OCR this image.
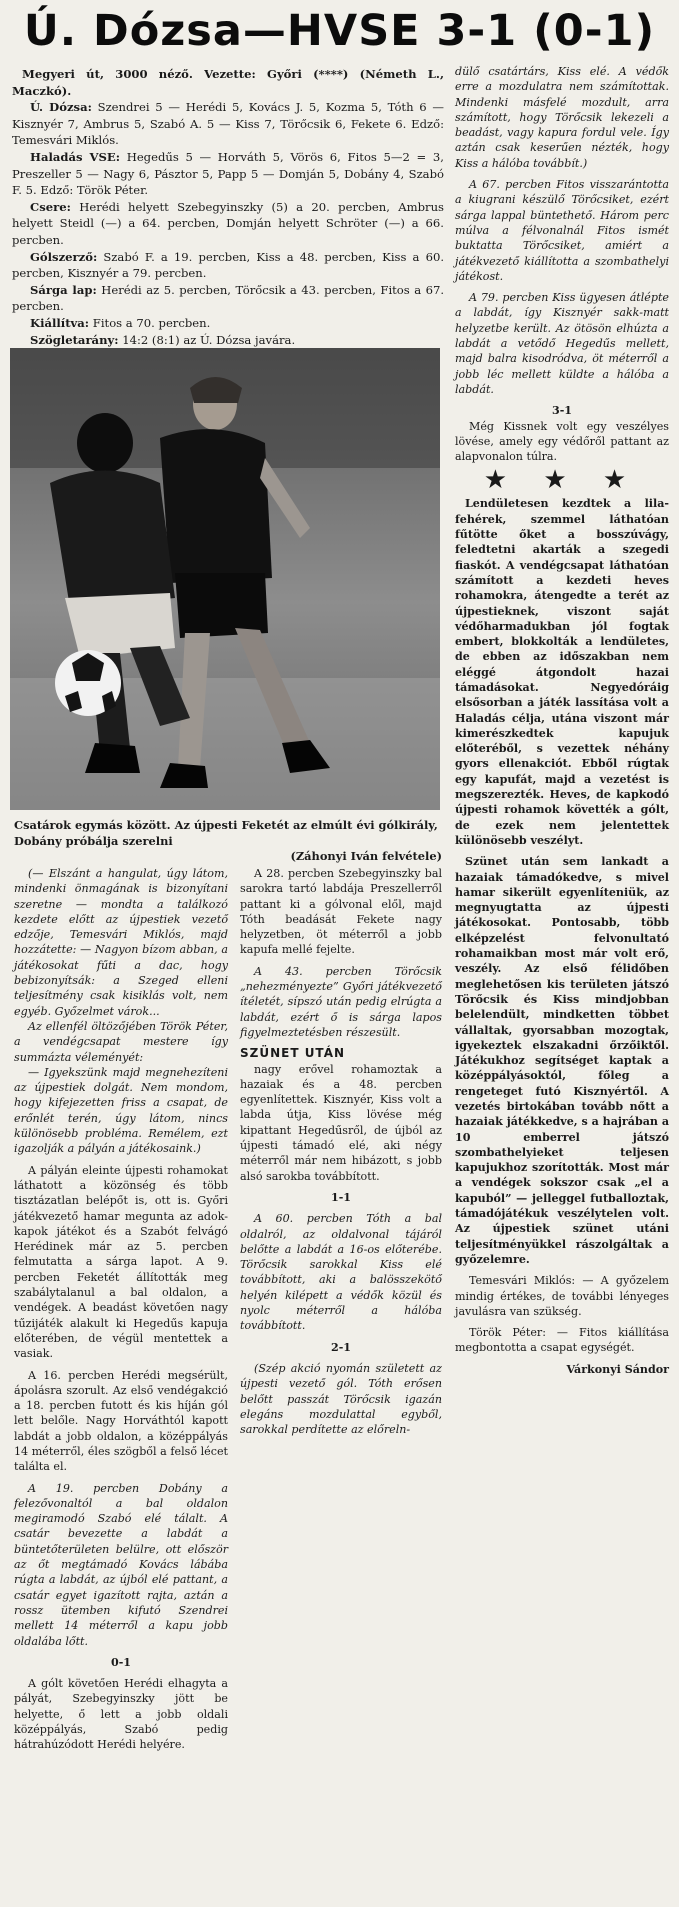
Ú. Dózsa—HVSE 3-1 (0-1)

Megyeri út, 3000 néző. Vezette: Győri (****) (Németh L., Maczkó).

Ú. Dózsa: Szendrei 5 — Herédi 5, Kovács J. 5, Kozma 5, Tóth 6 — Kisznyér 7, Ambrus 5, Szabó A. 5 — Kiss 7, Törőcsik 6, Fekete 6. Edző: Temesvári Miklós.

Haladás VSE: Hegedűs 5 — Horváth 5, Vörös 6, Fitos 5—2 = 3, Preszeller 5 — Nagy 6, Pásztor 5, Papp 5 — Domján 5, Dobány 4, Szabó F. 5. Edző: Török Péter.

Csere: Herédi helyett Szebegyinszky (5) a 20. percben, Ambrus helyett Steidl (—) a 64. percben, Domján helyett Schröter (—) a 66. percben.

Gólszerző: Szabó F. a 19. percben, Kiss a 48. percben, Kiss a 60. percben, Kisznyér a 79. percben.

Sárga lap: Herédi az 5. percben, Törőcsik a 43. percben, Fitos a 67. percben.

Kiállítva: Fitos a 70. percben.

Szögletarány: 14:2 (8:1) az Ú. Dózsa javára.

Csatárok egymás között. Az újpesti Feketét az elmúlt évi gólkirály, Dobány próbálja szerelni
(Záhonyi Iván felvétele)

(— Elszánt a hangulat, úgy látom, mindenki önmagának is bizonyítani szeretne — mondta a találkozó kezdete előtt az újpestiek vezető edzője, Temesvári Miklós, majd hozzátette: — Nagyon bízom abban, a játékosokat fűti a dac, hogy bebizonyítsák: a Szeged elleni teljesítmény csak kisiklás volt, nem egyéb. Győzelmet várok...

Az ellenfél öltözőjében Török Péter, a vendégcsapat mestere így summázta véleményét:

— Igyekszünk majd megnehezíteni az újpestiek dolgát. Nem mondom, hogy kifejezetten friss a csapat, de erőnlét terén, úgy látom, nincs különösebb probléma. Remélem, ezt igazolják a pályán a játékosaink.)

A pályán eleinte újpesti rohamokat láthatott a közönség és több tisztázatlan belépőt is, ott is. Győri játékvezető hamar megunta az adok-kapok játékot és a Szabót felvágó Herédinek már az 5. percben felmutatta a sárga lapot. A 9. percben Feketét állították meg szabálytalanul a bal oldalon, a vendégek. A beadást követően nagy tűzijáték alakult ki Hegedűs kapuja előterében, de végül mentettek a vasiak.

A 16. percben Herédi megsérült, ápolásra szorult. Az első vendégakció a 18. percben futott és kis híján gól lett belőle. Nagy Horváthtól kapott labdát a jobb oldalon, a középpályás 14 méterről, éles szögből a felső lécet találta el.

A 19. percben Dobány a felezővonaltól a bal oldalon megiramodó Szabó elé tálalt. A csatár bevezette a labdát a büntetőterületen belülre, ott először az őt megtámadó Kovács lábába rúgta a labdát, az újból elé pattant, a csatár egyet igazított rajta, aztán a rossz ütemben kifutó Szendrei mellett 14 méterről a kapu jobb oldalába lőtt.

0-1

A gólt követően Herédi elhagyta a pályát, Szebegyinszky jött be helyette, ő lett a jobb oldali középpályás, Szabó pedig hátrahúzódott Herédi helyére.

A 28. percben Szebegyinszky bal sarokra tartó labdája Preszellerről pattant ki a gólvonal elől, majd Tóth beadását Fekete nagy helyzetben, öt méterről a jobb kapufa mellé fejelte.

A 43. percben Törőcsik „nehezményezte” Győri játékvezető ítéletét, sípszó után pedig elrúgta a labdát, ezért ő is sárga lapos figyelmeztetésben részesült.

SZÜNET UTÁN

nagy erővel rohamoztak a hazaiak és a 48. percben egyenlítettek. Kisznyér, Kiss volt a labda útja, Kiss lövése még kipattant Hegedűsről, de újból az újpesti támadó elé, aki négy méterről már nem hibázott, s jobb alsó sarokba továbbított.

1-1

A 60. percben Tóth a bal oldalról, az oldalvonal tájáról belőtte a labdát a 16-os előterébe. Törőcsik sarokkal Kiss elé továbbított, aki a balösszekötő helyén kilépett a védők közül és nyolc méterről a hálóba továbbított.

2-1

(Szép akció nyomán született az újpesti vezető gól. Tóth erősen belőtt passzát Törőcsik igazán elegáns mozdulattal egyből, sarokkal perdítette az előreln-

dülő csatártárs, Kiss elé. A védők erre a mozdulatra nem számítottak. Mindenki másfelé mozdult, arra számított, hogy Törőcsik lekezeli a beadást, vagy kapura fordul vele. Így aztán csak keserűen nézték, hogy Kiss a hálóba továbbít.)

A 67. percben Fitos visszarántotta a kiugrani készülő Törőcsiket, ezért sárga lappal büntethető. Három perc múlva a félvonalnál Fitos ismét buktatta Törőcsiket, amiért a játékvezető kiállította a szombathelyi játékost.

A 79. percben Kiss ügyesen átlépte a labdát, így Kisznyér sakk-matt helyzetbe került. Az ötösön elhúzta a labdát a vetődő Hegedűs mellett, majd balra kisodródva, öt méterről a jobb léc mellett küldte a hálóba a labdát.

3-1

Még Kissnek volt egy veszélyes lövése, amely egy védőről pattant az alapvonalon túlra.

★ ★ ★

Lendületesen kezdtek a lila-fehérek, szemmel láthatóan fűtötte őket a bosszúvágy, feledtetni akarták a szegedi fiaskót. A vendégcsapat láthatóan számított a kezdeti heves rohamokra, átengedte a terét az újpestieknek, viszont saját védőharmadukban jól fogtak embert, blokkolták a lendületes, de ebben az időszakban nem eléggé átgondolt hazai támadásokat. Negyedóráig elsősorban a játék lassítása volt a Haladás célja, utána viszont már kimerészkedtek kapujuk előteréből, s vezettek néhány gyors ellenakciót. Ebből rúgtak egy kapufát, majd a vezetést is megszerezték. Heves, de kapkodó újpesti rohamok követték a gólt, de ezek nem jelentettek különösebb veszélyt.

Szünet után sem lankadt a hazaiak támadókedve, s mivel hamar sikerült egyenlíteniük, az megnyugtatta az újpesti játékosokat. Pontosabb, több elképzelést felvonultató rohamaikban most már volt erő, veszély. Az első félidőben meglehetősen kis területen játszó Törőcsik és Kiss mindjobban belelendült, mindketten többet vállaltak, gyorsabban mozogtak, igyekeztek elszakadni őrzőiktől. Játékukhoz segítséget kaptak a középpályásoktól, főleg a rengeteget futó Kisznyértől. A vezetés birtokában tovább nőtt a hazaiak játékkedve, s a hajrában a 10 emberrel játszó szombathelyieket teljesen kapujukhoz szorították. Most már a vendégek sokszor csak „el a kapuból” — jelleggel futballoztak, támadójátékuk veszélytelen volt. Az újpestiek szünet utáni teljesítményükkel rászolgáltak a győzelemre.

Temesvári Miklós: — A győzelem mindig értékes, de további lényeges javulásra van szükség.

Török Péter: — Fitos kiállítása megbontotta a csapat egységét.

Várkonyi Sándor
